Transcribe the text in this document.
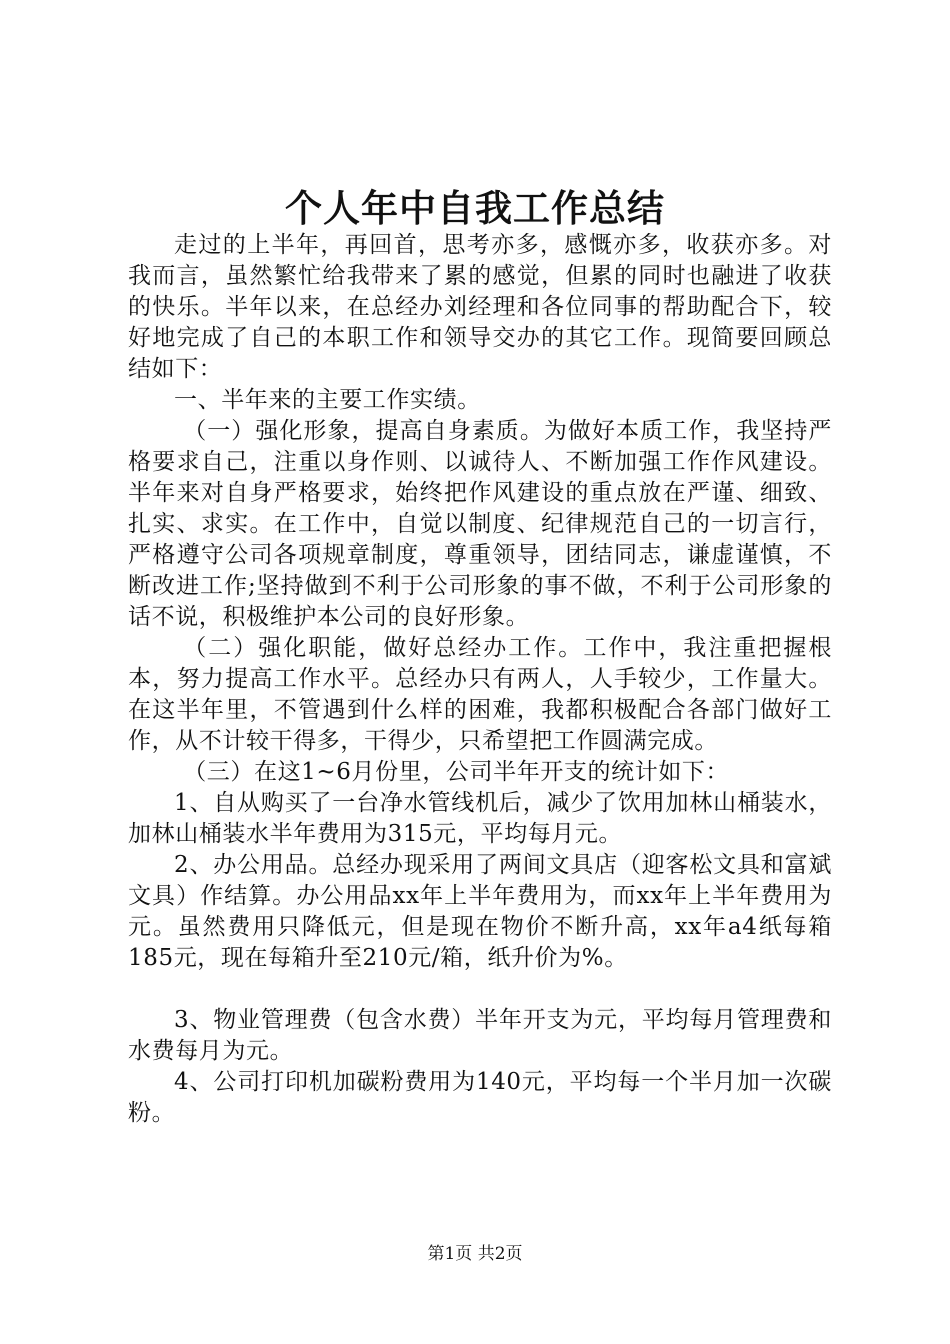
个人年中自我工作总结

走过的上半年，再回首，思考亦多，感慨亦多，收获亦多。对我而言，虽然繁忙给我带来了累的感觉，但累的同时也融进了收获的快乐。半年以来，在总经办刘经理和各位同事的帮助配合下，较好地完成了自己的本职工作和领导交办的其它工作。现简要回顾总结如下：

一、半年来的主要工作实绩。

（一）强化形象，提高自身素质。为做好本质工作，我坚持严格要求自己，注重以身作则、以诚待人、不断加强工作作风建设。半年来对自身严格要求，始终把作风建设的重点放在严谨、细致、扎实、求实。在工作中，自觉以制度、纪律规范自己的一切言行，严格遵守公司各项规章制度，尊重领导，团结同志，谦虚谨慎，不断改进工作;坚持做到不利于公司形象的事不做，不利于公司形象的话不说，积极维护本公司的良好形象。

（二）强化职能，做好总经办工作。工作中，我注重把握根本，努力提高工作水平。总经办只有两人，人手较少，工作量大。在这半年里，不管遇到什么样的困难，我都积极配合各部门做好工作，从不计较干得多，干得少，只希望把工作圆满完成。

（三）在这1~6月份里，公司半年开支的统计如下：

1、自从购买了一台净水管线机后，减少了饮用加林山桶装水，加林山桶装水半年费用为315元，平均每月元。

2、办公用品。总经办现采用了两间文具店（迎客松文具和富斌文具）作结算。办公用品xx年上半年费用为，而xx年上半年费用为元。虽然费用只降低元，但是现在物价不断升高，xx年a4纸每箱185元，现在每箱升至210元/箱，纸升价为%。

3、物业管理费（包含水费）半年开支为元，平均每月管理费和水费每月为元。

4、公司打印机加碳粉费用为140元，平均每一个半月加一次碳粉。

第1页 共2页
